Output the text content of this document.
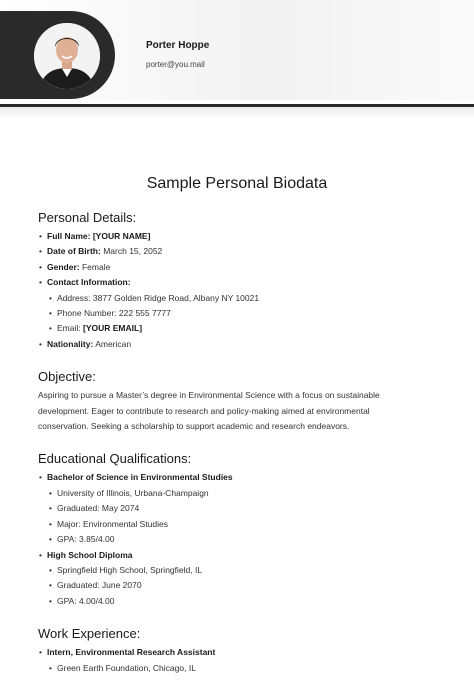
Porter Hoppe
porter@you.mail
Sample Personal Biodata
Personal Details:
• Full Name: [YOUR NAME]
• Date of Birth: March 15, 2052
• Gender: Female
• Contact Information:
• Address: 3877 Golden Ridge Road, Albany NY 10021
• Phone Number: 222 555 7777
• Email: [YOUR EMAIL]
• Nationality: American
Objective:

Aspiring to pursue a Master’s degree in Environmental Science with a focus on sustainable
development. Eager to contribute to research and policy-making aimed at environmental
conservation. Seeking a scholarship to support academic and research endeavors.

Educational Qualifications:
• Bachelor of Science in Environmental Studies
• University of Illinois, Urbana-Champaign
• Graduated: May 2074
• Major: Environmental Studies
• GPA: 3.85/4.00
• High School Diploma
• Springfield High School, Springfield, IL
• Graduated: June 2070
• GPA: 4.00/4.00
Work Experience:
• Intern, Environmental Research Assistant
• Green Earth Foundation, Chicago, IL
